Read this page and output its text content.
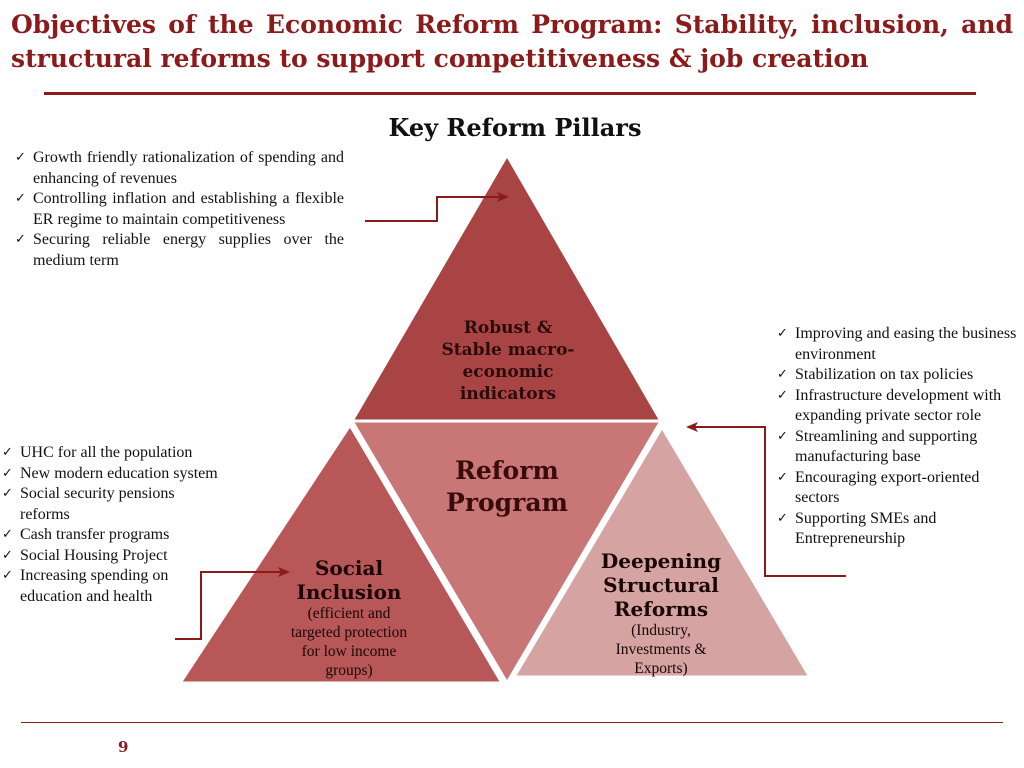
Objectives of the Economic Reform Program: Stability, inclusion, and structural reforms to support competitiveness & job creation
Key Reform Pillars
Robust &
Stable macro-
economic
indicators
Reform
Program
Social
Inclusion
(efficient and
targeted protection
for low income
groups)
Deepening
Structural
Reforms
(Industry,
Investments &
Exports)
✓ Growth friendly rationalization of spending and enhancing of revenues
✓ Controlling inflation and establishing a flexible ER regime to maintain competitiveness
✓ Securing reliable energy supplies over the medium term
✓ UHC for all the population
✓ New modern education system
✓ Social security pensions reforms
✓ Cash transfer programs
✓ Social Housing Project
✓ Increasing spending on education and health
✓ Improving and easing the business environment
✓ Stabilization on tax policies
✓ Infrastructure development with expanding private sector role
✓ Streamlining and supporting manufacturing base
✓ Encouraging export-oriented sectors
✓ Supporting SMEs and Entrepreneurship
9
